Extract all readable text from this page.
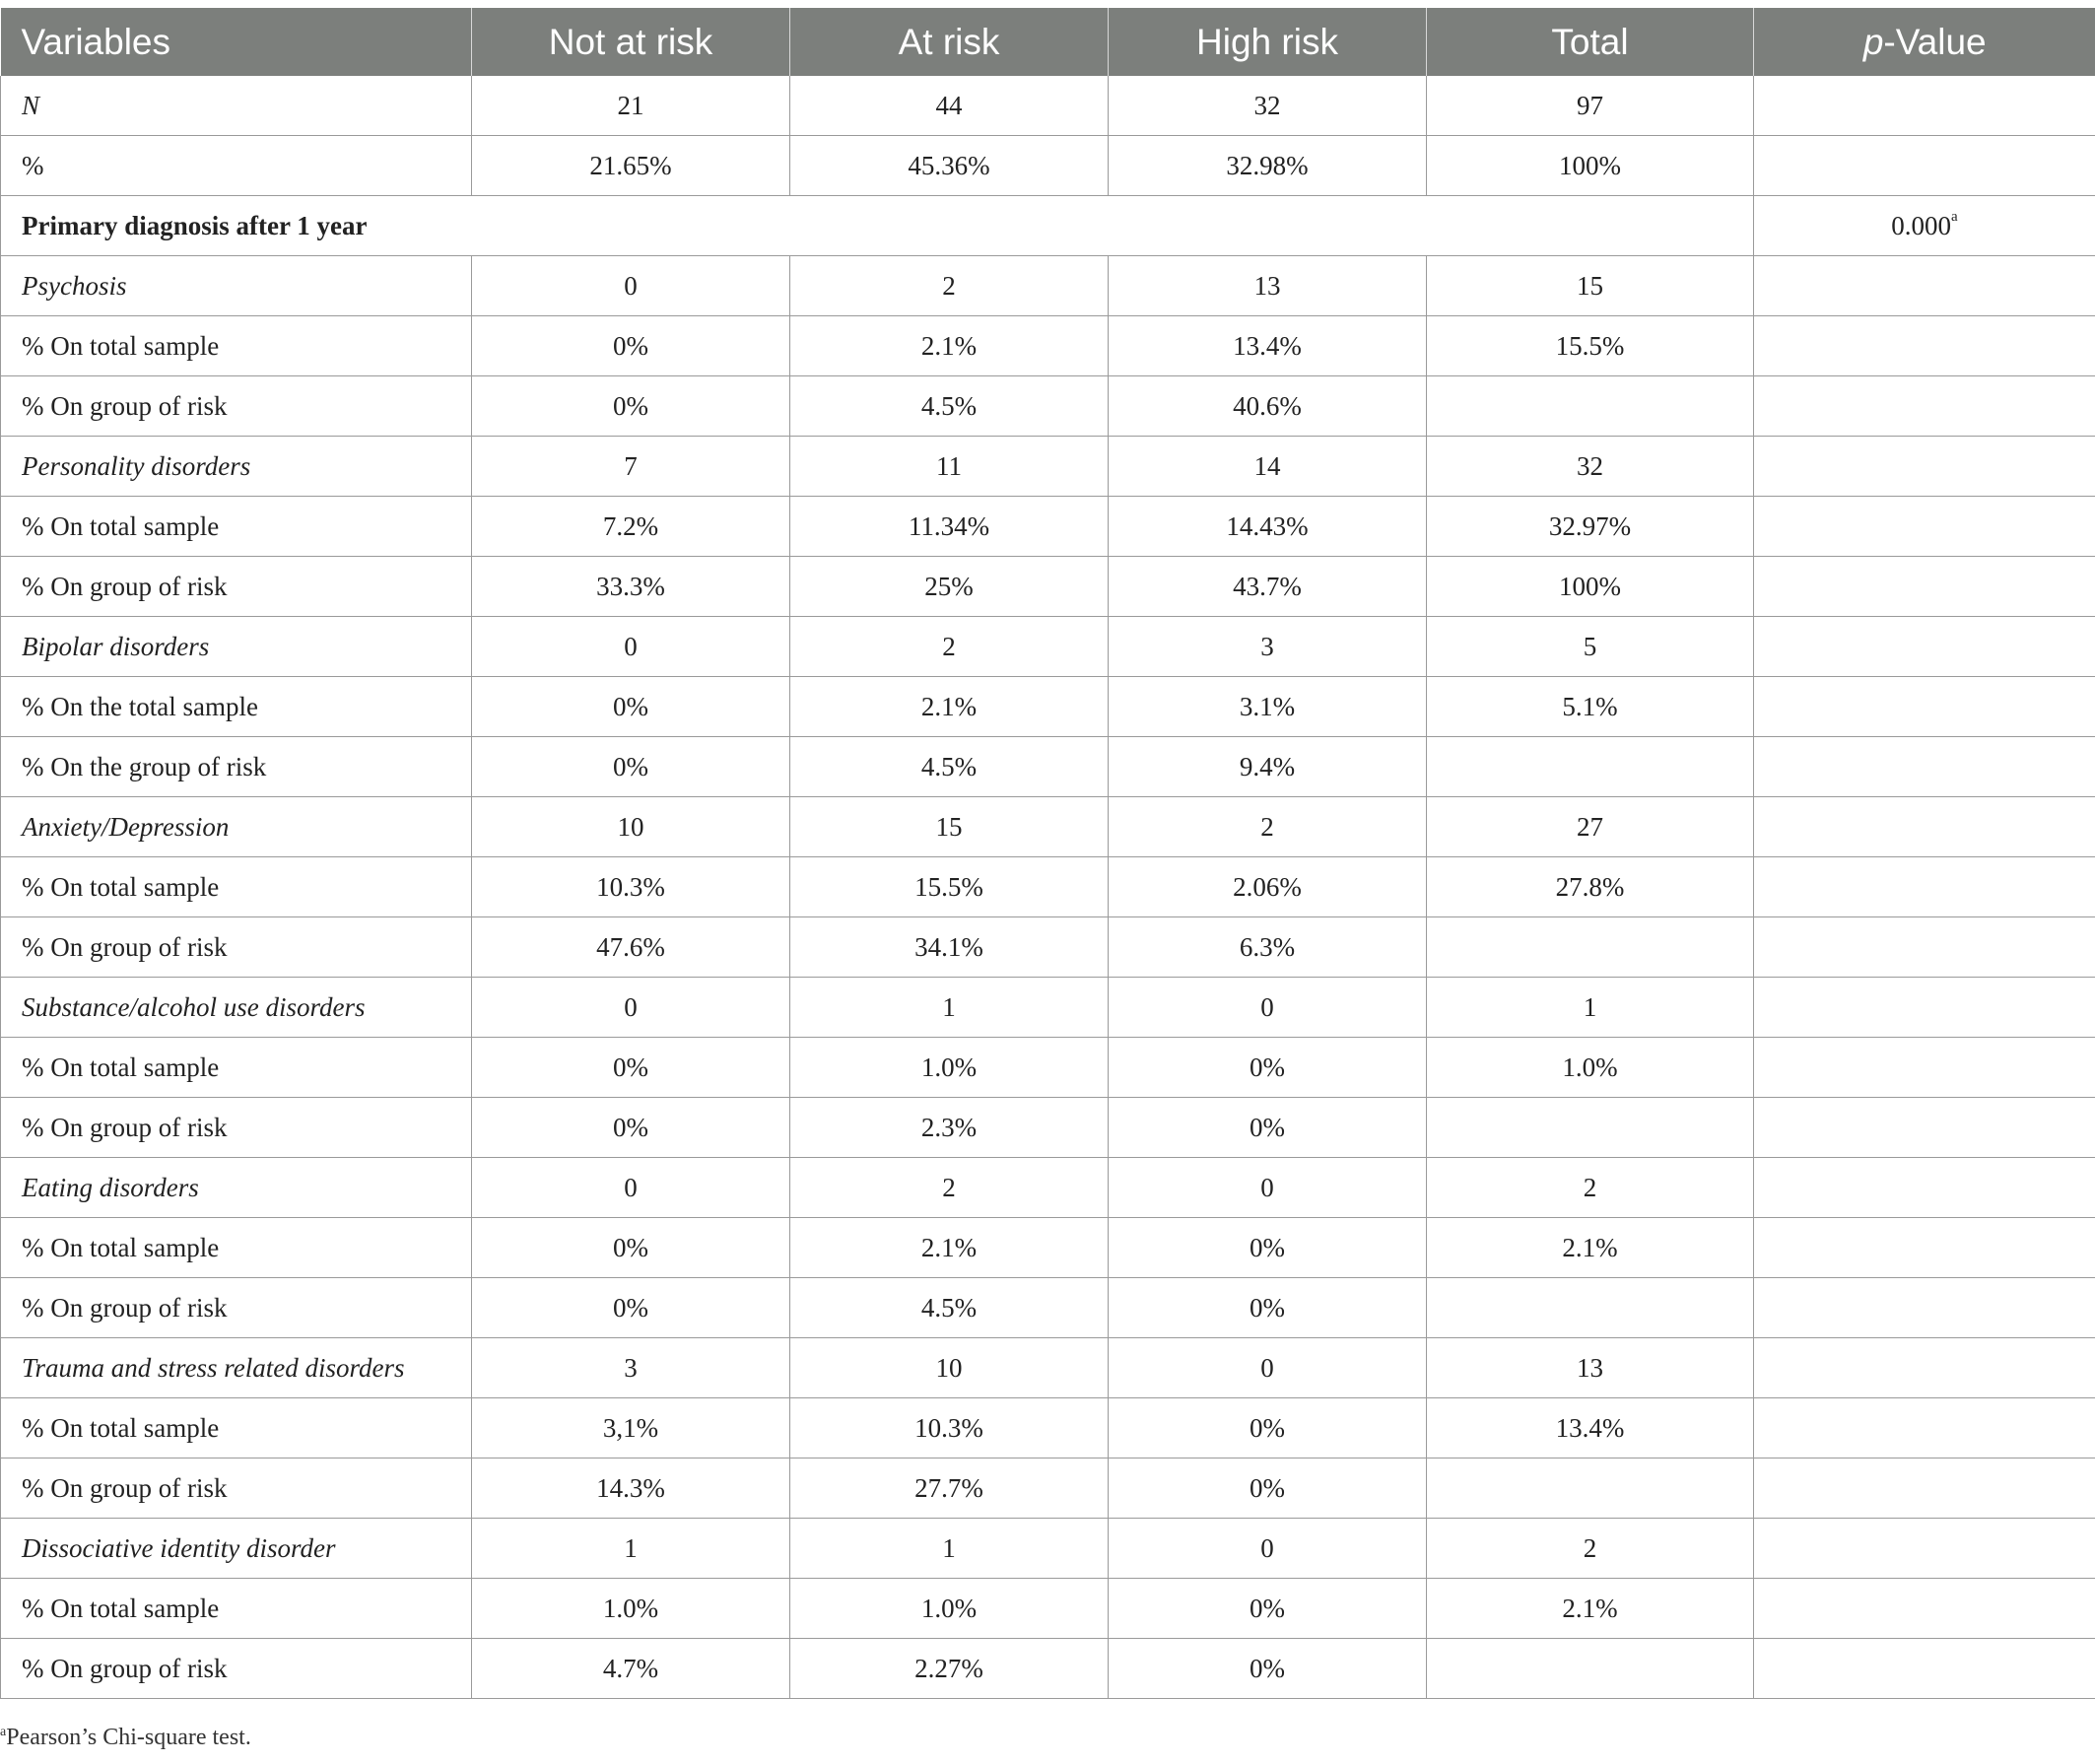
Variables	Not at risk	At risk	High risk	Total	p-Value
N	21	44	32	97	
%	21.65%	45.36%	32.98%	100%	
Primary diagnosis after 1 year					0.000$^a$
Psychosis	0	2	13	15	
% On total sample	0%	2.1%	13.4%	15.5%	
% On group of risk	0%	4.5%	40.6%		
Personality disorders	7	11	14	32	
% On total sample	7.2%	11.34%	14.43%	32.97%	
% On group of risk	33.3%	25%	43.7%	100%	
Bipolar disorders	0	2	3	5	
% On the total sample	0%	2.1%	3.1%	5.1%	
% On the group of risk	0%	4.5%	9.4%		
Anxiety/Depression	10	15	2	27	
% On total sample	10.3%	15.5%	2.06%	27.8%	
% On group of risk	47.6%	34.1%	6.3%		
Substance/alcohol use disorders	0	1	0	1	
% On total sample	0%	1.0%	0%	1.0%	
% On group of risk	0%	2.3%	0%		
Eating disorders	0	2	0	2	
% On total sample	0%	2.1%	0%	2.1%	
% On group of risk	0%	4.5%	0%		
Trauma and stress related disorders	3	10	0	13	
% On total sample	3,1%	10.3%	0%	13.4%	
% On group of risk	14.3%	27.7%	0%		
Dissociative identity disorder	1	1	0	2	
% On total sample	1.0%	1.0%	0%	2.1%	
% On group of risk	4.7%	2.27%	0%		
$^a$Pearson’s Chi-square test.
